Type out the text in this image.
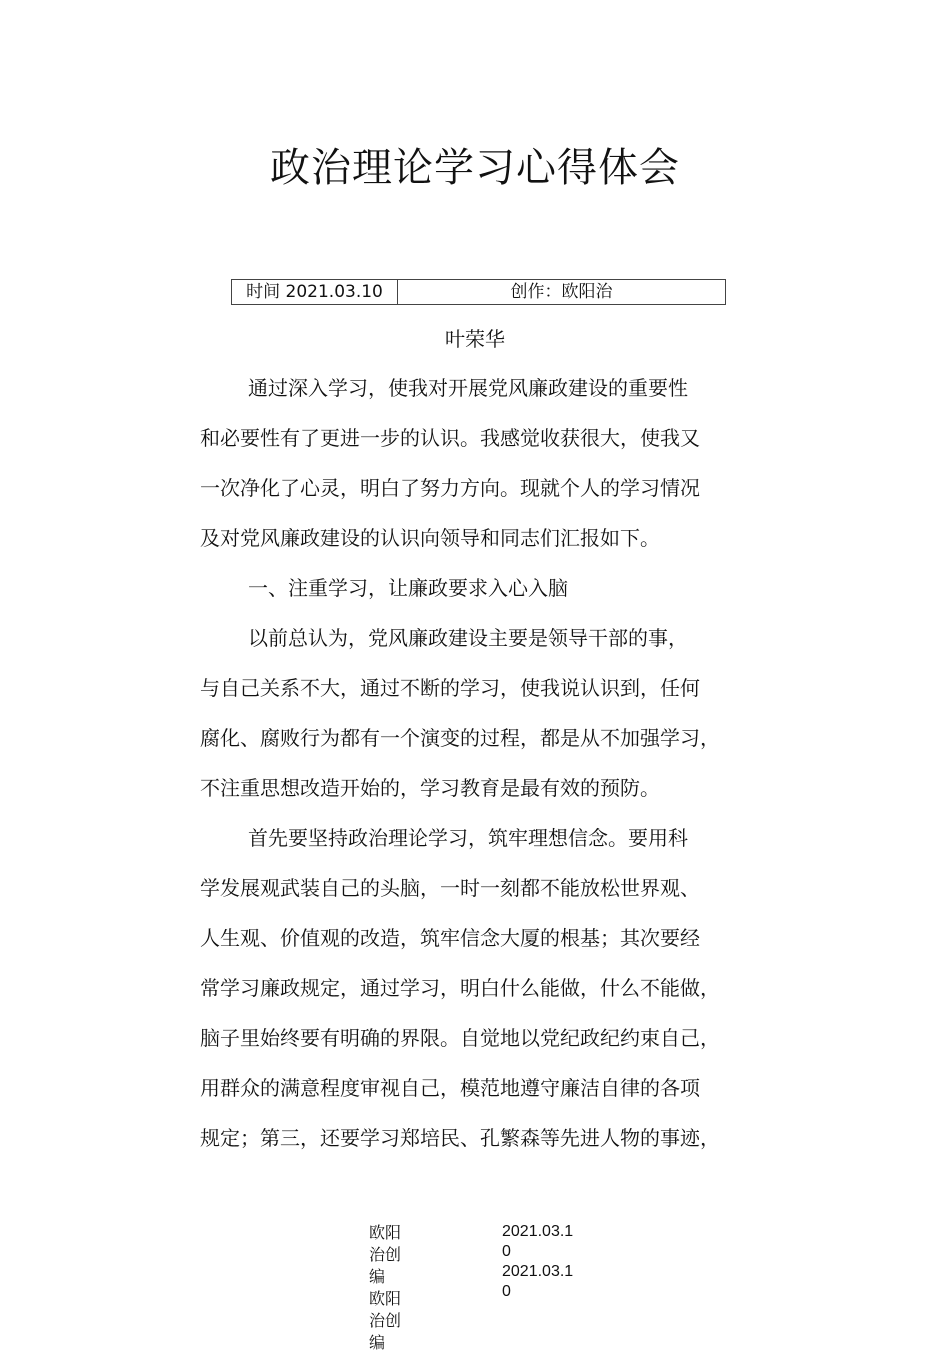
政治理论学习心得体会
时间 2021.03.10	创作：欧阳治
叶荣华
通过深入学习，使我对开展党风廉政建设的重要性
和必要性有了更进一步的认识。我感觉收获很大，使我又
一次净化了心灵，明白了努力方向。现就个人的学习情况
及对党风廉政建设的认识向领导和同志们汇报如下。
一、注重学习，让廉政要求入心入脑
以前总认为，党风廉政建设主要是领导干部的事，
与自己关系不大，通过不断的学习，使我说认识到，任何
腐化、腐败行为都有一个演变的过程，都是从不加强学习，
不注重思想改造开始的，学习教育是最有效的预防。
首先要坚持政治理论学习，筑牢理想信念。要用科
学发展观武装自己的头脑，一时一刻都不能放松世界观、
人生观、价值观的改造，筑牢信念大厦的根基；其次要经
常学习廉政规定，通过学习，明白什么能做，什么不能做，
脑子里始终要有明确的界限。自觉地以党纪政纪约束自己，
用群众的满意程度审视自己，模范地遵守廉洁自律的各项
规定；第三，还要学习郑培民、孔繁森等先进人物的事迹，
欧阳
治创
编
欧阳
治创
编
2021.03.1
0
2021.03.1
0
